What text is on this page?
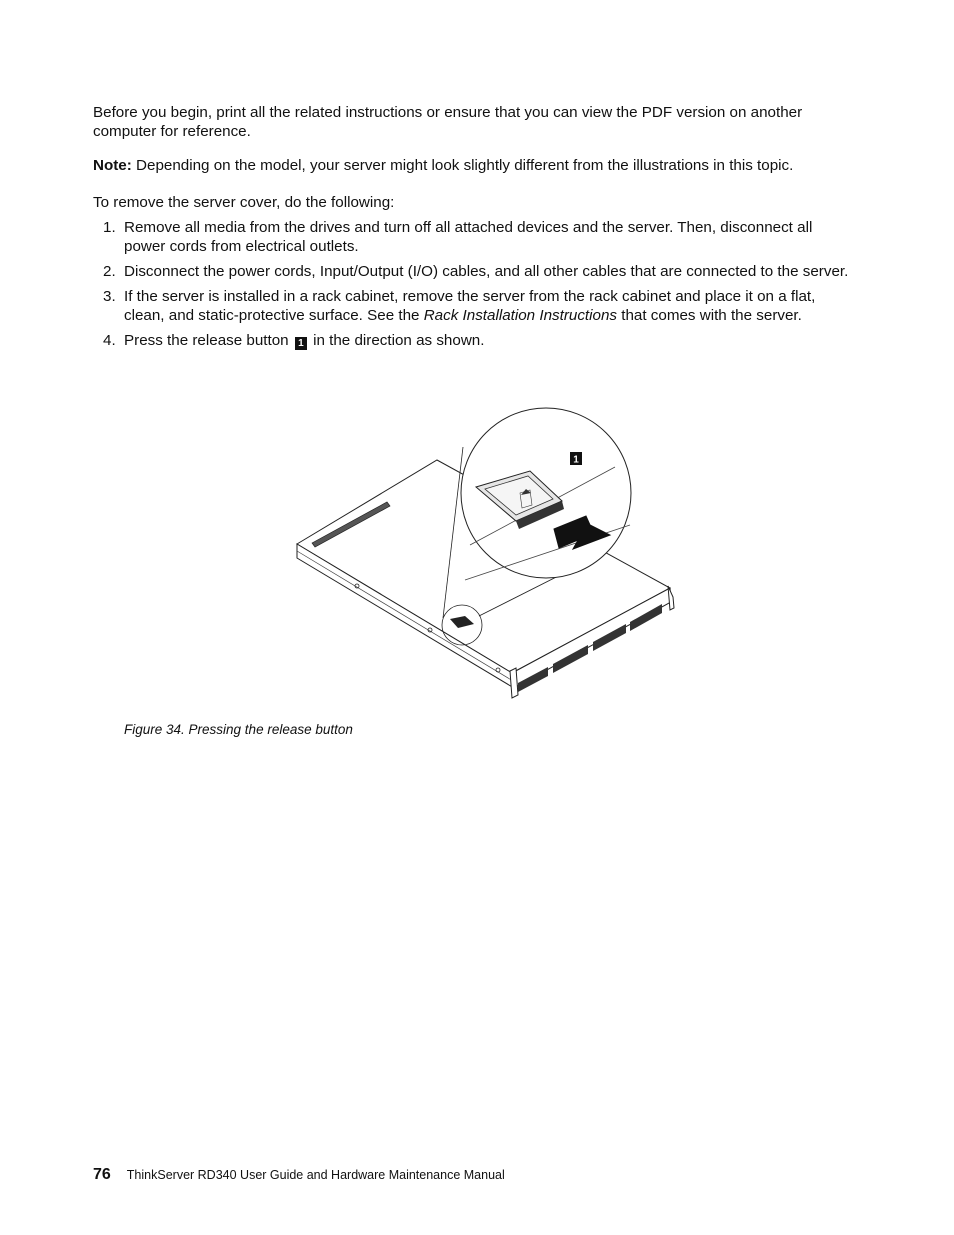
Before you begin, print all the related instructions or ensure that you can view the PDF version on another computer for reference.

Note: Depending on the model, your server might look slightly different from the illustrations in this topic.

To remove the server cover, do the following:

1. Remove all media from the drives and turn off all attached devices and the server. Then, disconnect all power cords from electrical outlets.
2. Disconnect the power cords, Input/Output (I/O) cables, and all other cables that are connected to the server.
3. If the server is installed in a rack cabinet, remove the server from the rack cabinet and place it on a flat, clean, and static-protective surface. See the Rack Installation Instructions that comes with the server.
4. Press the release button 1 in the direction as shown.
1
Figure 34. Pressing the release button
76 ThinkServer RD340 User Guide and Hardware Maintenance Manual
